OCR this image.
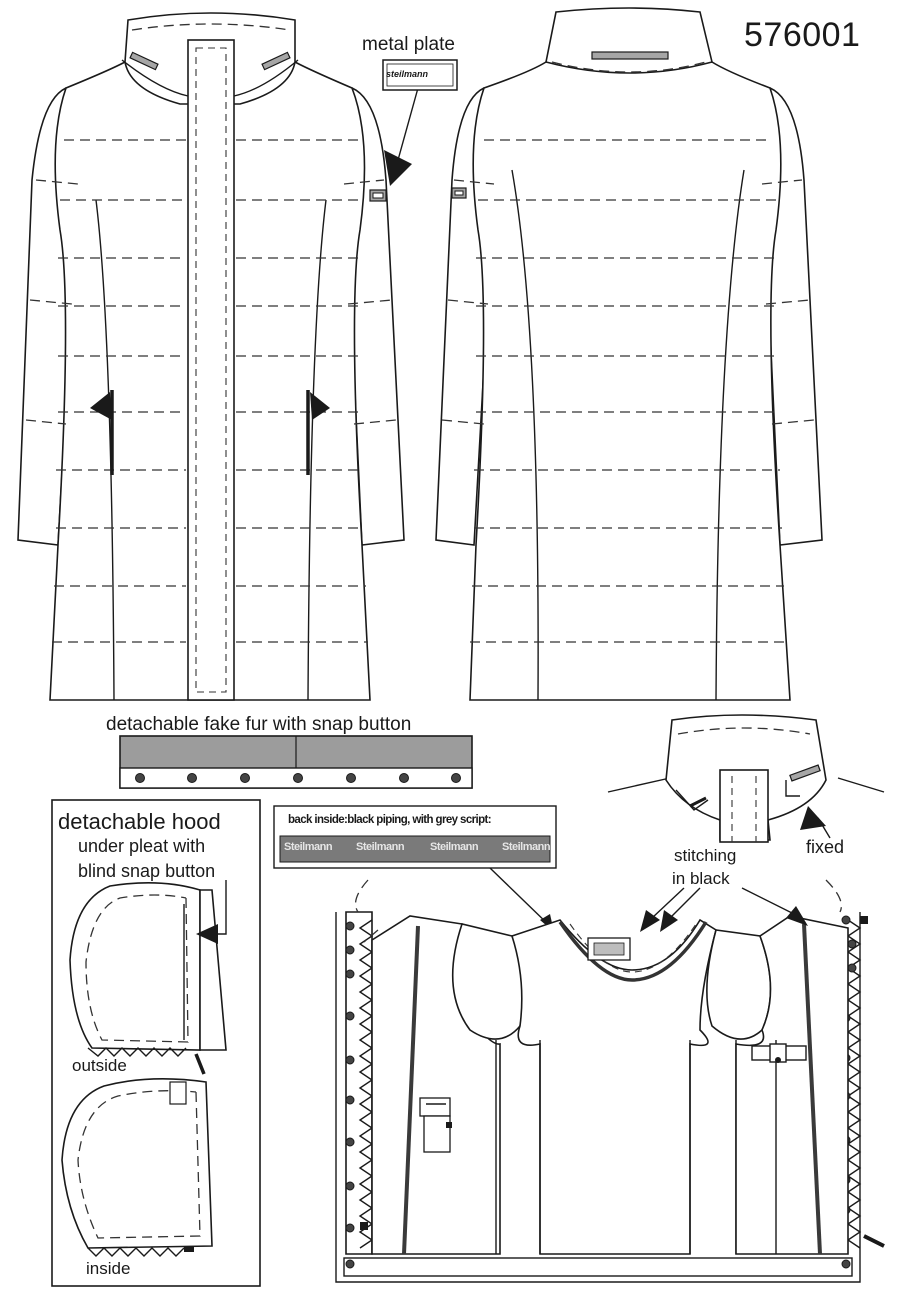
576001
metal plate
steilmann
detachable fake fur with snap button
detachable hood
under pleat with
blind snap button
outside
inside
back inside:black piping, with grey script:
Steilmann Steilmann Steilmann Steilmann	stitching
in black
fixed
